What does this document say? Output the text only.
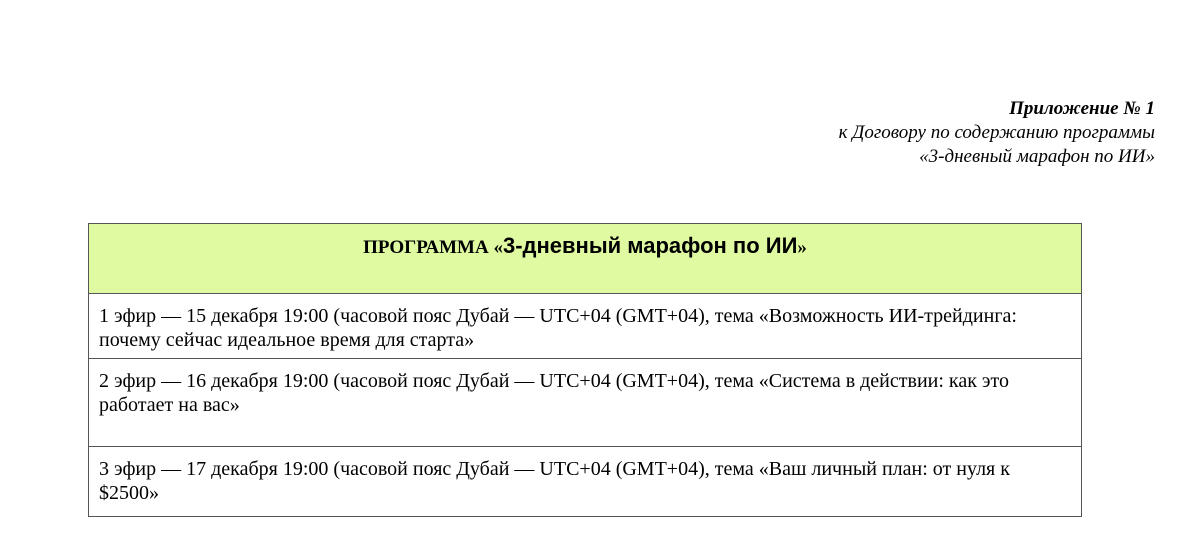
Приложение № 1
к Договору по содержанию программы
«3-дневный марафон по ИИ»
ПРОГРАММА «3-дневный марафон по ИИ»
1 эфир — 15 декабря 19:00 (часовой пояс Дубай — UTC+04 (GMT+04), тема «Возможность ИИ-трейдинга: почему сейчас идеальное время для старта»
2 эфир — 16 декабря 19:00 (часовой пояс Дубай — UTC+04 (GMT+04), тема «Система в действии: как это работает на вас»
3 эфир — 17 декабря 19:00 (часовой пояс Дубай — UTC+04 (GMT+04), тема «Ваш личный план: от нуля к $2500»
